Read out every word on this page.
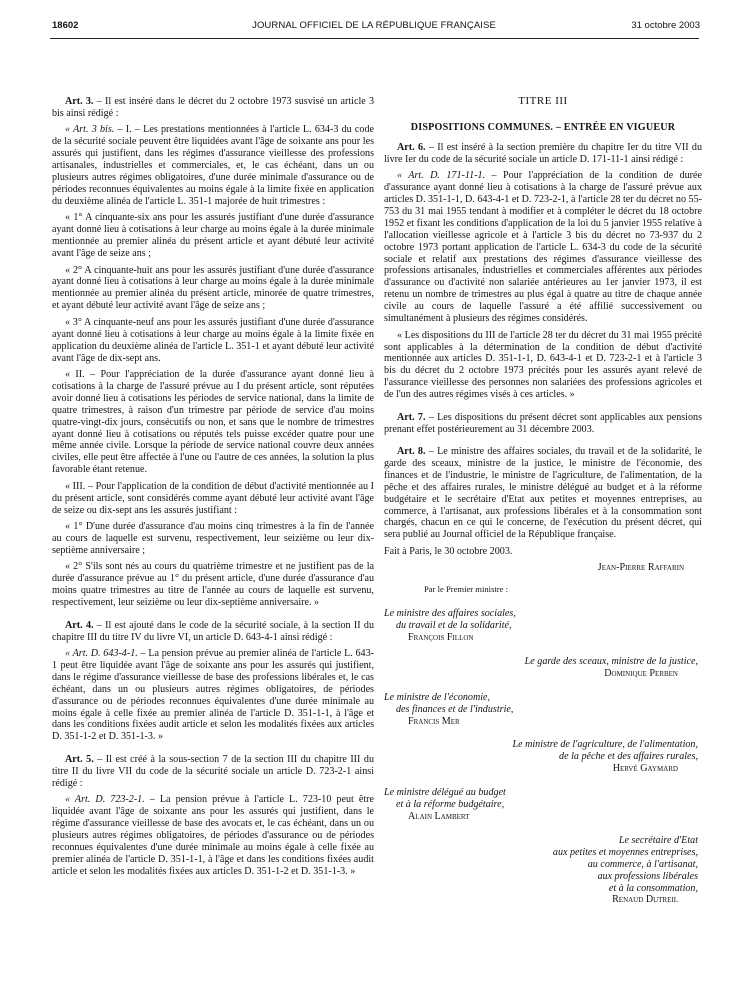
18602	JOURNAL OFFICIEL DE LA RÉPUBLIQUE FRANÇAISE	31 octobre 2003

Art. 3. – Il est inséré dans le décret du 2 octobre 1973 susvisé un article 3 bis ainsi rédigé :

« Art. 3 bis. – I. – Les prestations mentionnées à l'article L. 634-3 du code de la sécurité sociale peuvent être liquidées avant l'âge de soixante ans pour les assurés qui justifient, dans les régimes d'assurance vieillesse des professions artisanales, industrielles et commerciales, et, le cas échéant, dans un ou plusieurs autres régimes obligatoires, d'une durée minimale d'assurance ou de périodes reconnues équivalentes au moins égale à la limite fixée en application du deuxième alinéa de l'article L. 351-1 majorée de huit trimestres :

« 1° A cinquante-six ans pour les assurés justifiant d'une durée d'assurance ayant donné lieu à cotisations à leur charge au moins égale à la durée minimale mentionnée au premier alinéa du présent article et ayant débuté leur activité avant l'âge de seize ans ;

« 2° A cinquante-huit ans pour les assurés justifiant d'une durée d'assurance ayant donné lieu à cotisations à leur charge au moins égale à la durée minimale mentionnée au premier alinéa du présent article, minorée de quatre trimestres, et ayant débuté leur activité avant l'âge de seize ans ;

« 3° A cinquante-neuf ans pour les assurés justifiant d'une durée d'assurance ayant donné lieu à cotisations à leur charge au moins égale à la limite fixée en application du deuxième alinéa de l'article L. 351-1 et ayant débuté leur activité avant l'âge de dix-sept ans.

« II. – Pour l'appréciation de la durée d'assurance ayant donné lieu à cotisations à la charge de l'assuré prévue au I du présent article, sont réputées avoir donné lieu à cotisations les périodes de service national, dans la limite de quatre trimestres, à raison d'un trimestre par période de service d'au moins quatre-vingt-dix jours, consécutifs ou non, et sans que le nombre de trimestres ayant donné lieu à cotisations ou réputés tels puisse excéder quatre pour une même année civile. Lorsque la période de service national couvre deux années civiles, elle peut être affectée à l'une ou l'autre de ces années, la solution la plus favorable étant retenue.

« III. – Pour l'application de la condition de début d'activité mentionnée au I du présent article, sont considérés comme ayant débuté leur activité avant l'âge de seize ou dix-sept ans les assurés justifiant :

« 1° D'une durée d'assurance d'au moins cinq trimestres à la fin de l'année au cours de laquelle est survenu, respectivement, leur seizième ou leur dix-septième anniversaire ;

« 2° S'ils sont nés au cours du quatrième trimestre et ne justifient pas de la durée d'assurance prévue au 1° du présent article, d'une durée d'assurance d'au moins quatre trimestres au titre de l'année au cours de laquelle est survenu, respectivement, leur seizième ou leur dix-septième anniversaire. »

Art. 4. – Il est ajouté dans le code de la sécurité sociale, à la section II du chapitre III du titre IV du livre VI, un article D. 643-4-1 ainsi rédigé :

« Art. D. 643-4-1. – La pension prévue au premier alinéa de l'article L. 643-1 peut être liquidée avant l'âge de soixante ans pour les assurés qui justifient, dans le régime d'assurance vieillesse de base des professions libérales et, le cas échéant, dans un ou plusieurs autres régimes obligatoires, de périodes d'assurance ou de périodes reconnues équivalentes d'une durée minimale au moins égale à celle fixée au premier alinéa de l'article D. 351-1-1, à l'âge et dans les conditions fixées audit article et selon les modalités fixées aux articles D. 351-1-2 et D. 351-1-3. »

Art. 5. – Il est créé à la sous-section 7 de la section III du chapitre III du titre II du livre VII du code de la sécurité sociale un article D. 723-2-1 ainsi rédigé :

« Art. D. 723-2-1. – La pension prévue à l'article L. 723-10 peut être liquidée avant l'âge de soixante ans pour les assurés qui justifient, dans le régime d'assurance vieillesse de base des avocats et, le cas échéant, dans un ou plusieurs autres régimes obligatoires, de périodes d'assurance ou de périodes reconnues équivalentes d'une durée minimale au moins égale à celle fixée au premier alinéa de l'article D. 351-1-1, à l'âge et dans les conditions fixées audit article et selon les modalités fixées aux articles D. 351-1-2 et D. 351-1-3. »

TITRE III
DISPOSITIONS COMMUNES. – ENTRÉE EN VIGUEUR

Art. 6. – Il est inséré à la section première du chapitre Ier du titre VII du livre Ier du code de la sécurité sociale un article D. 171-11-1 ainsi rédigé :

« Art. D. 171-11-1. – Pour l'appréciation de la condition de durée d'assurance ayant donné lieu à cotisations à la charge de l'assuré prévue aux articles D. 351-1-1, D. 643-4-1 et D. 723-2-1, à l'article 28 ter du décret no 55-753 du 31 mai 1955 tendant à modifier et à compléter le décret du 18 octobre 1952 et fixant les conditions d'application de la loi du 5 janvier 1955 relative à l'allocation vieillesse agricole et à l'article 3 bis du décret no 73-937 du 2 octobre 1973 portant application de l'article L. 634-3 du code de la sécurité sociale et relatif aux prestations des régimes d'assurance vieillesse des professions artisanales, industrielles et commerciales afférentes aux périodes d'assurance ou d'activité non salariée antérieures au 1er janvier 1973, il est retenu un nombre de trimestres au plus égal à quatre au titre de chaque année civile au cours de laquelle l'assuré a été affilié successivement ou simultanément à plusieurs des régimes considérés.

« Les dispositions du III de l'article 28 ter du décret du 31 mai 1955 précité sont applicables à la détermination de la condition de début d'activité mentionnée aux articles D. 351-1-1, D. 643-4-1 et D. 723-2-1 et à l'article 3 bis du décret du 2 octobre 1973 précités pour les assurés ayant relevé de l'assurance vieillesse des personnes non salariées des professions agricoles et de l'un des autres régimes visés à ces articles. »

Art. 7. – Les dispositions du présent décret sont applicables aux pensions prenant effet postérieurement au 31 décembre 2003.

Art. 8. – Le ministre des affaires sociales, du travail et de la solidarité, le garde des sceaux, ministre de la justice, le ministre de l'économie, des finances et de l'industrie, le ministre de l'agriculture, de l'alimentation, de la pêche et des affaires rurales, le ministre délégué au budget et à la réforme budgétaire et le secrétaire d'Etat aux petites et moyennes entreprises, au commerce, à l'artisanat, aux professions libérales et à la consommation sont chargés, chacun en ce qui le concerne, de l'exécution du présent décret, qui sera publié au Journal officiel de la République française.

Fait à Paris, le 30 octobre 2003.

Jean-Pierre Raffarin
Par le Premier ministre :
Le ministre des affaires sociales,
du travail et de la solidarité,
François Fillon
Le garde des sceaux, ministre de la justice,
Dominique Perben
Le ministre de l'économie,
des finances et de l'industrie,
Francis Mer
Le ministre de l'agriculture, de l'alimentation,
de la pêche et des affaires rurales,
Hervé Gaymard
Le ministre délégué au budget
et à la réforme budgétaire,
Alain Lambert
Le secrétaire d'Etat
aux petites et moyennes entreprises,
au commerce, à l'artisanat,
aux professions libérales
et à la consommation,
Renaud Dutreil
